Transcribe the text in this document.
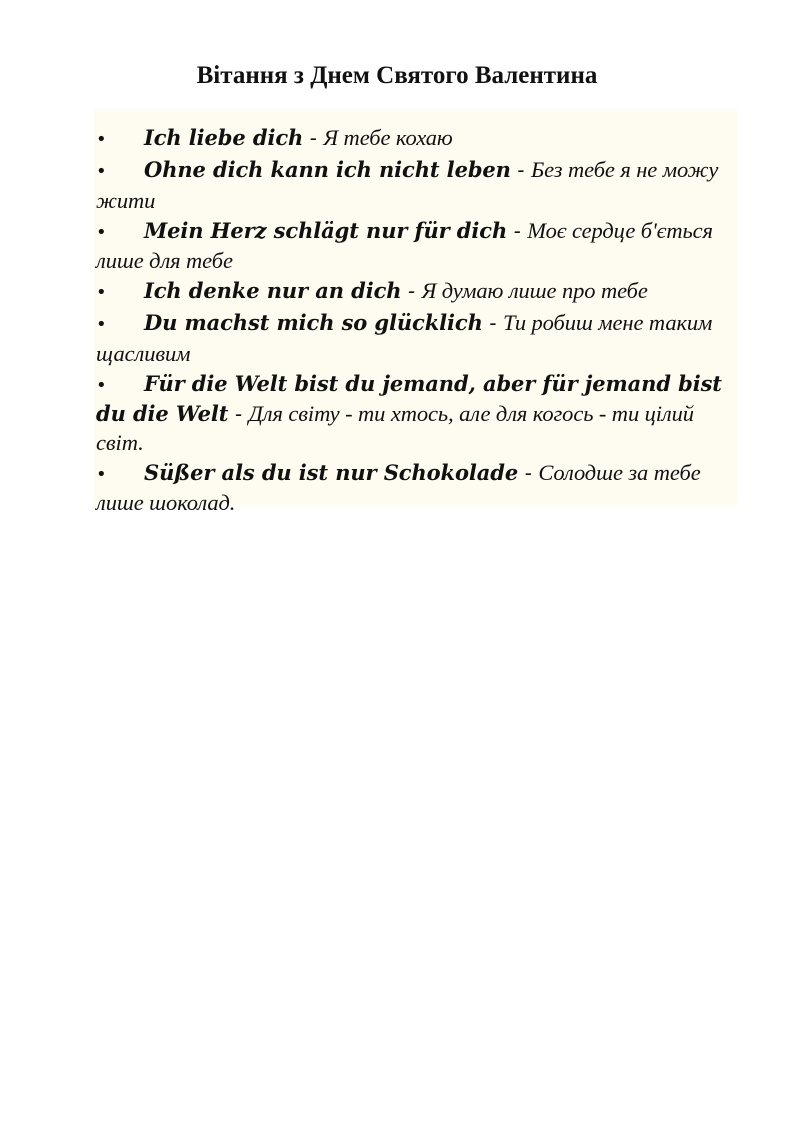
Вітання з Днем Святого Валентина
• Ich liebe dich - Я тебе кохаю
• Ohne dich kann ich nicht leben - Без тебе я не можу жити
• Mein Herz schlägt nur für dich - Моє сердце б'ється лише для тебе
• Ich denke nur an dich - Я думаю лише про тебе
• Du machst mich so glücklich - Ти робиш мене таким щасливим
• Für die Welt bist du jemand, aber für jemand bist du die Welt - Для світу - ти хтось, але для когось - ти цілий світ.
• Süßer als du ist nur Schokolade - Солодше за тебе лише шоколад.
